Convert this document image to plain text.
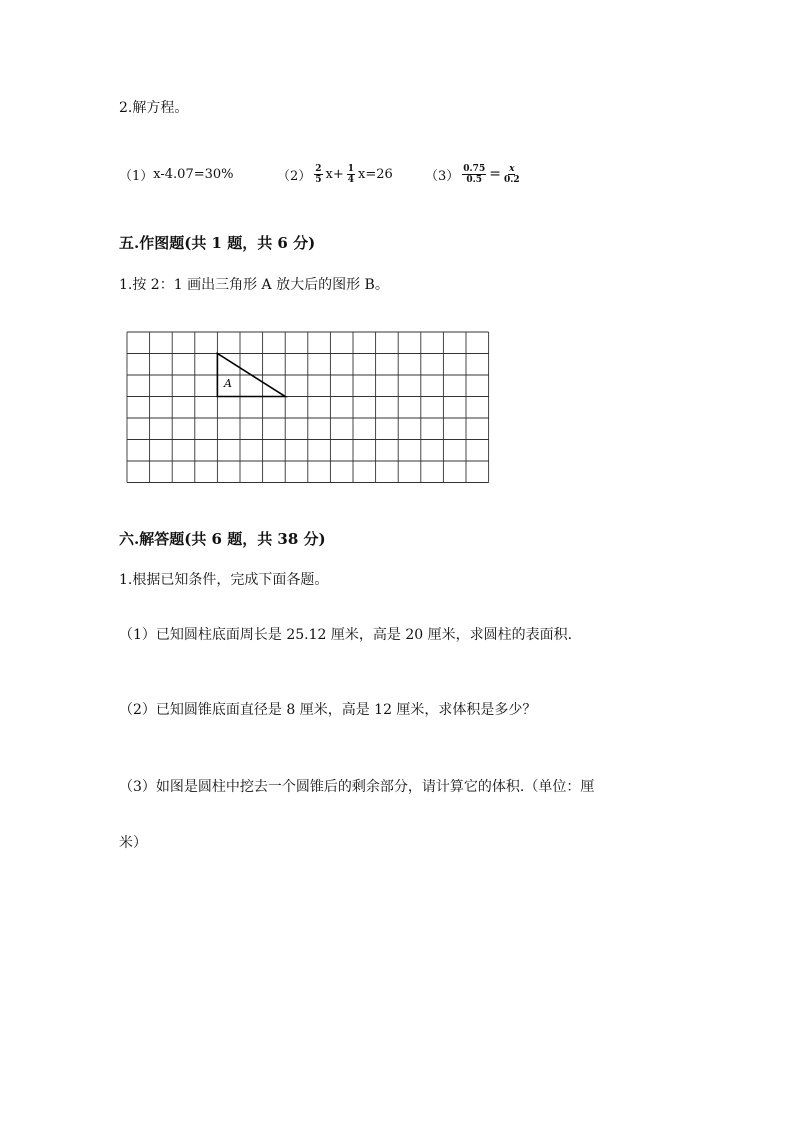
2.解方程。
（1） x-4.07=30%	$(2) \frac{2}{5} x+ \frac{1}{4} x=26$ $(3) \frac{0.75}{0.5} = \frac{x}{0.2}$
五.作图题(共 1 题，共 6 分)
1.按 2：1 画出三角形 A 放大后的图形 B。
A
六.解答题(共 6 题，共 38 分)
1.根据已知条件，完成下面各题。
（1）已知圆柱底面周长是 25.12 厘米，高是 20 厘米，求圆柱的表面积.
（2）已知圆锥底面直径是 8 厘米，高是 12 厘米，求体积是多少？
（3）如图是圆柱中挖去一个圆锥后的剩余部分，请计算它的体积.（单位：厘
米）
